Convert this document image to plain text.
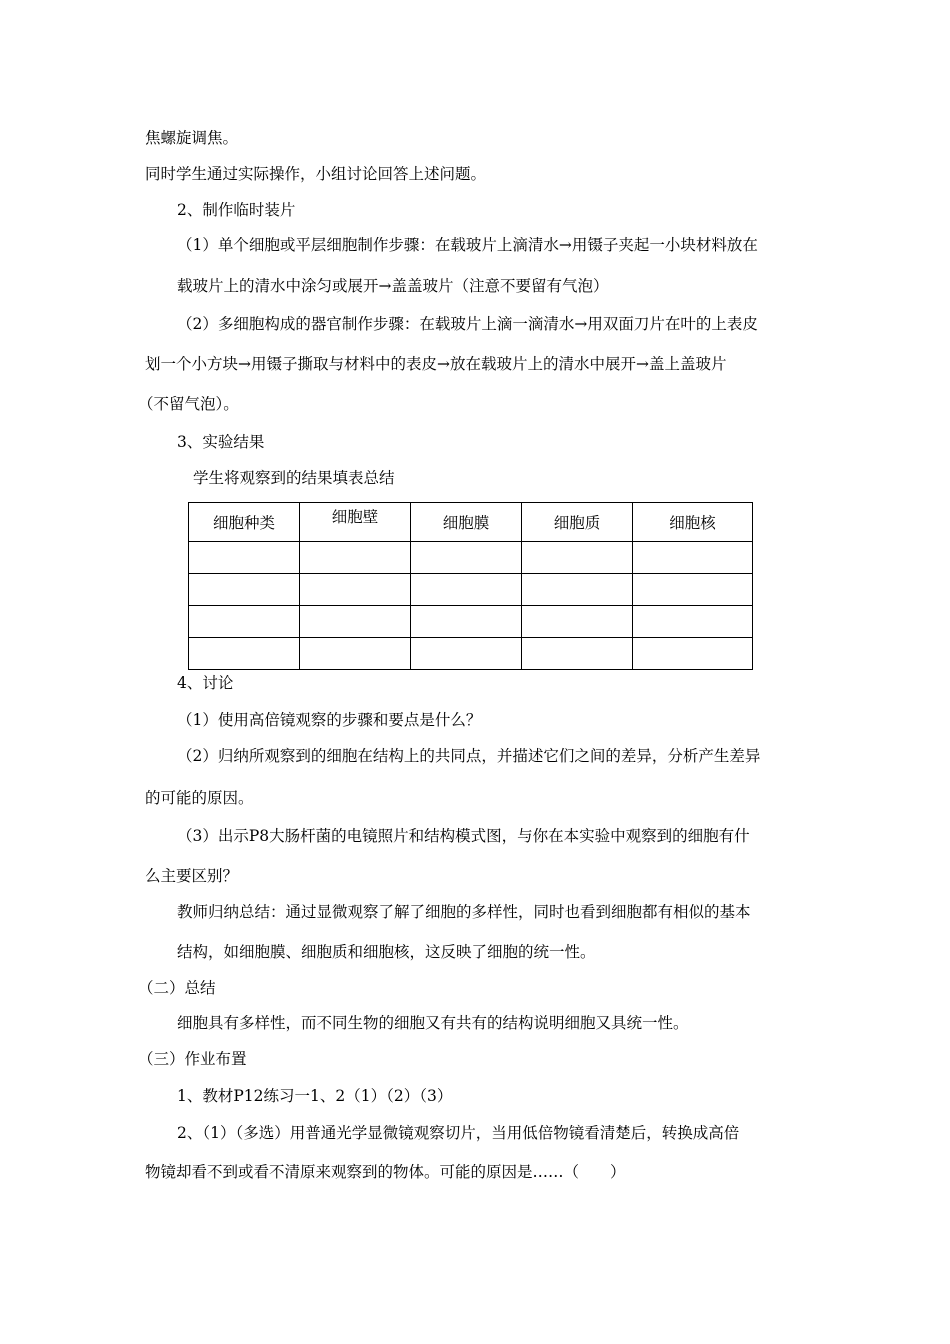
焦螺旋调焦。

同时学生通过实际操作，小组讨论回答上述问题。

2、制作临时装片

（1）单个细胞或平层细胞制作步骤：在载玻片上滴清水→用镊子夹起一小块材料放在

载玻片上的清水中涂匀或展开→盖盖玻片（注意不要留有气泡）

（2）多细胞构成的器官制作步骤：在载玻片上滴一滴清水→用双面刀片在叶的上表皮

划一个小方块→用镊子撕取与材料中的表皮→放在载玻片上的清水中展开→盖上盖玻片

（不留气泡）。

3、实验结果

学生将观察到的结果填表总结

细胞种类	细胞壁	细胞膜	细胞质	细胞核

4、讨论

（1）使用高倍镜观察的步骤和要点是什么？

（2）归纳所观察到的细胞在结构上的共同点，并描述它们之间的差异，分析产生差异

的可能的原因。

（3）出示P8大肠杆菌的电镜照片和结构模式图，与你在本实验中观察到的细胞有什

么主要区别？

教师归纳总结：通过显微观察了解了细胞的多样性，同时也看到细胞都有相似的基本

结构，如细胞膜、细胞质和细胞核，这反映了细胞的统一性。

（二）总结

细胞具有多样性，而不同生物的细胞又有共有的结构说明细胞又具统一性。

（三）作业布置

1、教材P12练习一1、2（1）（2）（3）

2、（1）（多选）用普通光学显微镜观察切片，当用低倍物镜看清楚后，转换成高倍

物镜却看不到或看不清原来观察到的物体。可能的原因是……（　　）
